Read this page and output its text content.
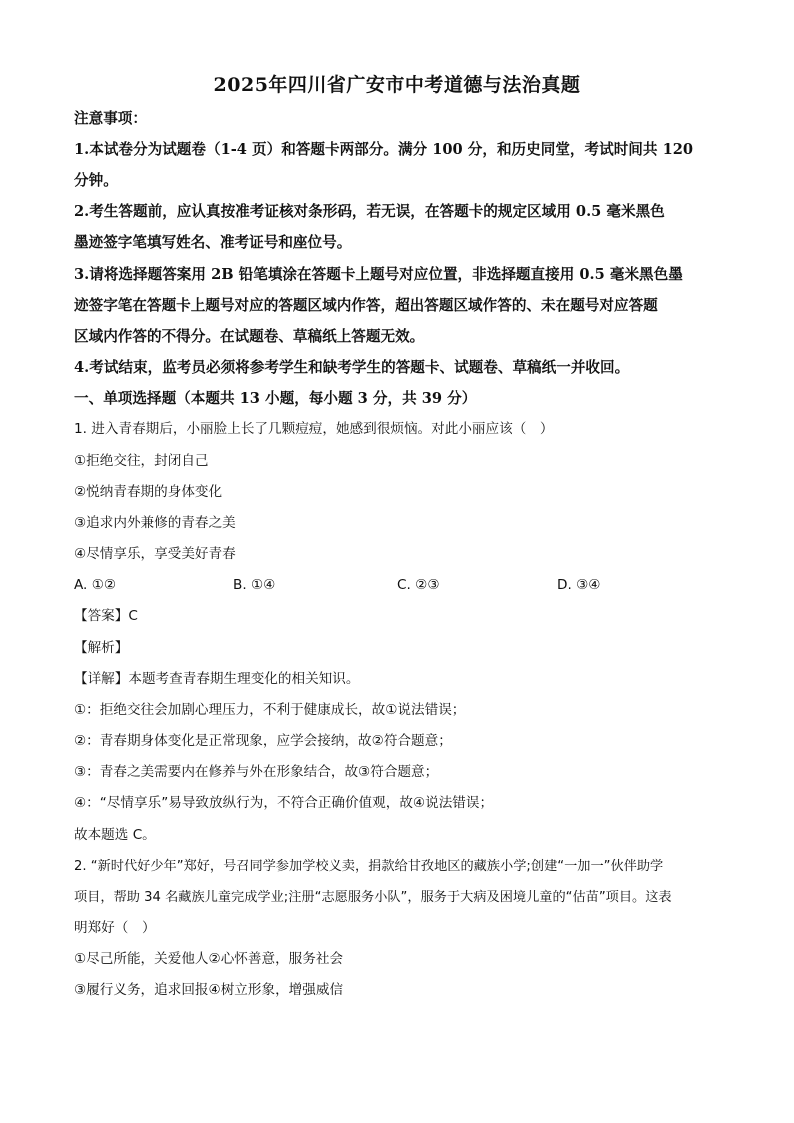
2025年四川省广安市中考道德与法治真题
注意事项：
1.本试卷分为试题卷（1-4 页）和答题卡两部分。满分 100 分，和历史同堂，考试时间共 120
分钟。
2.考生答题前，应认真按准考证核对条形码，若无误，在答题卡的规定区域用 0.5 毫米黑色
墨迹签字笔填写姓名、准考证号和座位号。
3.请将选择题答案用 2B 铅笔填涂在答题卡上题号对应位置，非选择题直接用 0.5 毫米黑色墨
迹签字笔在答题卡上题号对应的答题区域内作答，超出答题区域作答的、未在题号对应答题
区域内作答的不得分。在试题卷、草稿纸上答题无效。
4.考试结束，监考员必须将参考学生和缺考学生的答题卡、试题卷、草稿纸一并收回。
一、单项选择题（本题共 13 小题，每小题 3 分，共 39 分）
1. 进入青春期后，小丽脸上长了几颗痘痘，她感到很烦恼。对此小丽应该（　）
①拒绝交往，封闭自己
②悦纳青春期的身体变化
③追求内外兼修的青春之美
④尽情享乐，享受美好青春
A. ①②	B. ①④	C. ②③	D. ③④
【答案】C
【解析】
【详解】本题考查青春期生理变化的相关知识。
①：拒绝交往会加剧心理压力，不利于健康成长，故①说法错误；
②：青春期身体变化是正常现象，应学会接纳，故②符合题意；
③：青春之美需要内在修养与外在形象结合，故③符合题意；
④：“尽情享乐”易导致放纵行为，不符合正确价值观，故④说法错误；
故本题选 C。
2. “新时代好少年”郑好，号召同学参加学校义卖，捐款给甘孜地区的藏族小学;创建“一加一”伙伴助学
项目，帮助 34 名藏族儿童完成学业;注册“志愿服务小队”，服务于大病及困境儿童的“估苗”项目。这表
明郑好（　）
①尽己所能，关爱他人②心怀善意，服务社会
③履行义务，追求回报④树立形象，增强威信
